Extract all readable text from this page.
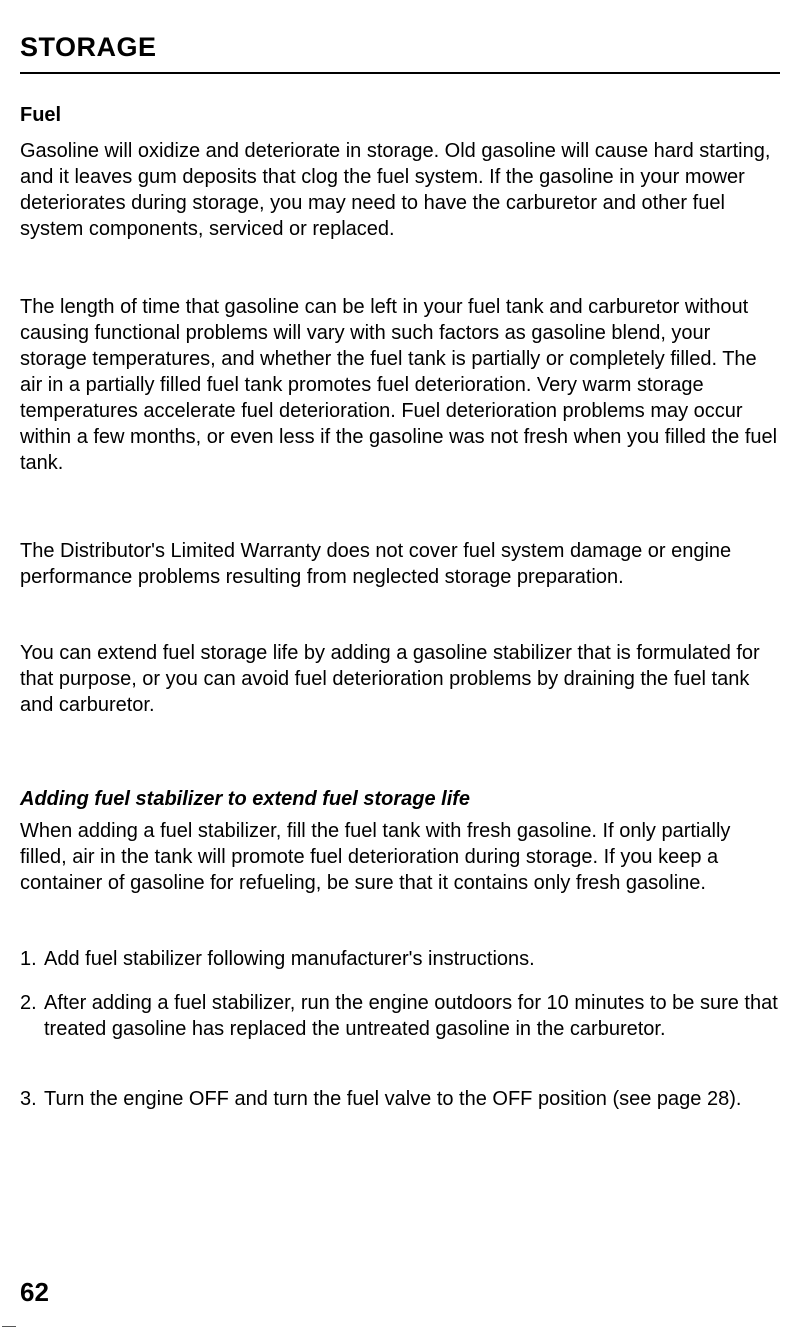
STORAGE
Fuel

Gasoline will oxidize and deteriorate in storage. Old gasoline will cause hard starting, and it leaves gum deposits that clog the fuel system. If the gasoline in your mower deteriorates during storage, you may need to have the carburetor and other fuel system components, serviced or replaced.

The length of time that gasoline can be left in your fuel tank and carburetor without causing functional problems will vary with such factors as gasoline blend, your storage temperatures, and whether the fuel tank is partially or completely filled. The air in a partially filled fuel tank promotes fuel deterioration. Very warm storage temperatures accelerate fuel deterioration. Fuel deterioration problems may occur within a few months, or even less if the gasoline was not fresh when you filled the fuel tank.

The Distributor's Limited Warranty does not cover fuel system damage or engine performance problems resulting from neglected storage preparation.

You can extend fuel storage life by adding a gasoline stabilizer that is formulated for that purpose, or you can avoid fuel deterioration problems by draining the fuel tank and carburetor.

Adding fuel stabilizer to extend fuel storage life

When adding a fuel stabilizer, fill the fuel tank with fresh gasoline. If only partially filled, air in the tank will promote fuel deterioration during storage. If you keep a container of gasoline for refueling, be sure that it contains only fresh gasoline.

1. Add fuel stabilizer following manufacturer's instructions.
2. After adding a fuel stabilizer, run the engine outdoors for 10 minutes to be sure that treated gasoline has replaced the untreated gasoline in the carburetor.
3. Turn the engine OFF and turn the fuel valve to the OFF position (see page 28).
62
